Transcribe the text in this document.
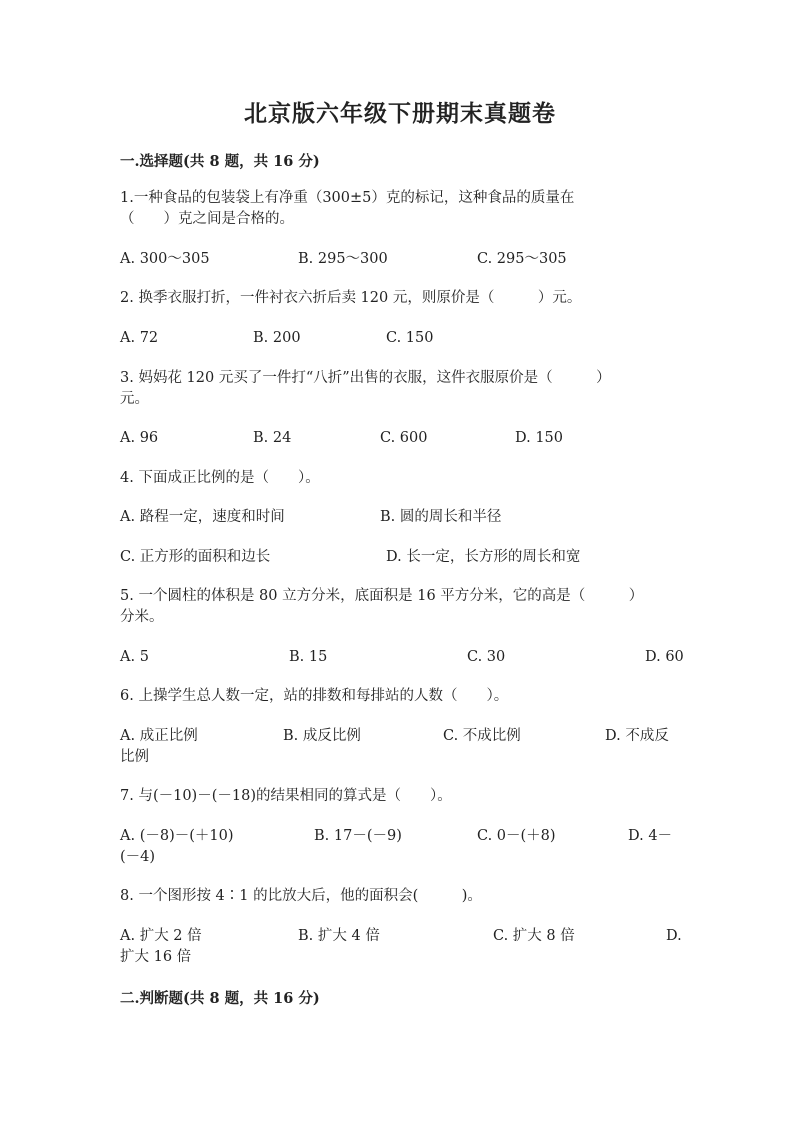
北京版六年级下册期末真题卷
一.选择题(共 8 题，共 16 分)
1.一种食品的包装袋上有净重（300±5）克的标记，这种食品的质量在
（　　）克之间是合格的。
A. 300～305	B. 295～300	C. 295～305
2. 换季衣服打折，一件衬衣六折后卖 120 元，则原价是（　　　）元。
A. 72	B. 200	C. 150
3. 妈妈花 120 元买了一件打“八折”出售的衣服，这件衣服原价是（　　　）
元。
A. 96	B. 24	C. 600	D. 150
4. 下面成正比例的是（　　）。
A. 路程一定，速度和时间	B. 圆的周长和半径
C. 正方形的面积和边长	D. 长一定，长方形的周长和宽
5. 一个圆柱的体积是 80 立方分米，底面积是 16 平方分米，它的高是（　　　）
分米。
A. 5	B. 15	C. 30	D. 60
6. 上操学生总人数一定，站的排数和每排站的人数（　　）。
A. 成正比例	B. 成反比例	C. 不成比例	D. 不成反
比例
7. 与(－10)－(－18)的结果相同的算式是（　　）。
A. (－8)－(＋10)	B. 17－(－9)	C. 0－(＋8)	D. 4－
(－4)
8. 一个图形按 4∶1 的比放大后，他的面积会(　　　)。
A. 扩大 2 倍	B. 扩大 4 倍	C. 扩大 8 倍	D.
扩大 16 倍
二.判断题(共 8 题，共 16 分)
